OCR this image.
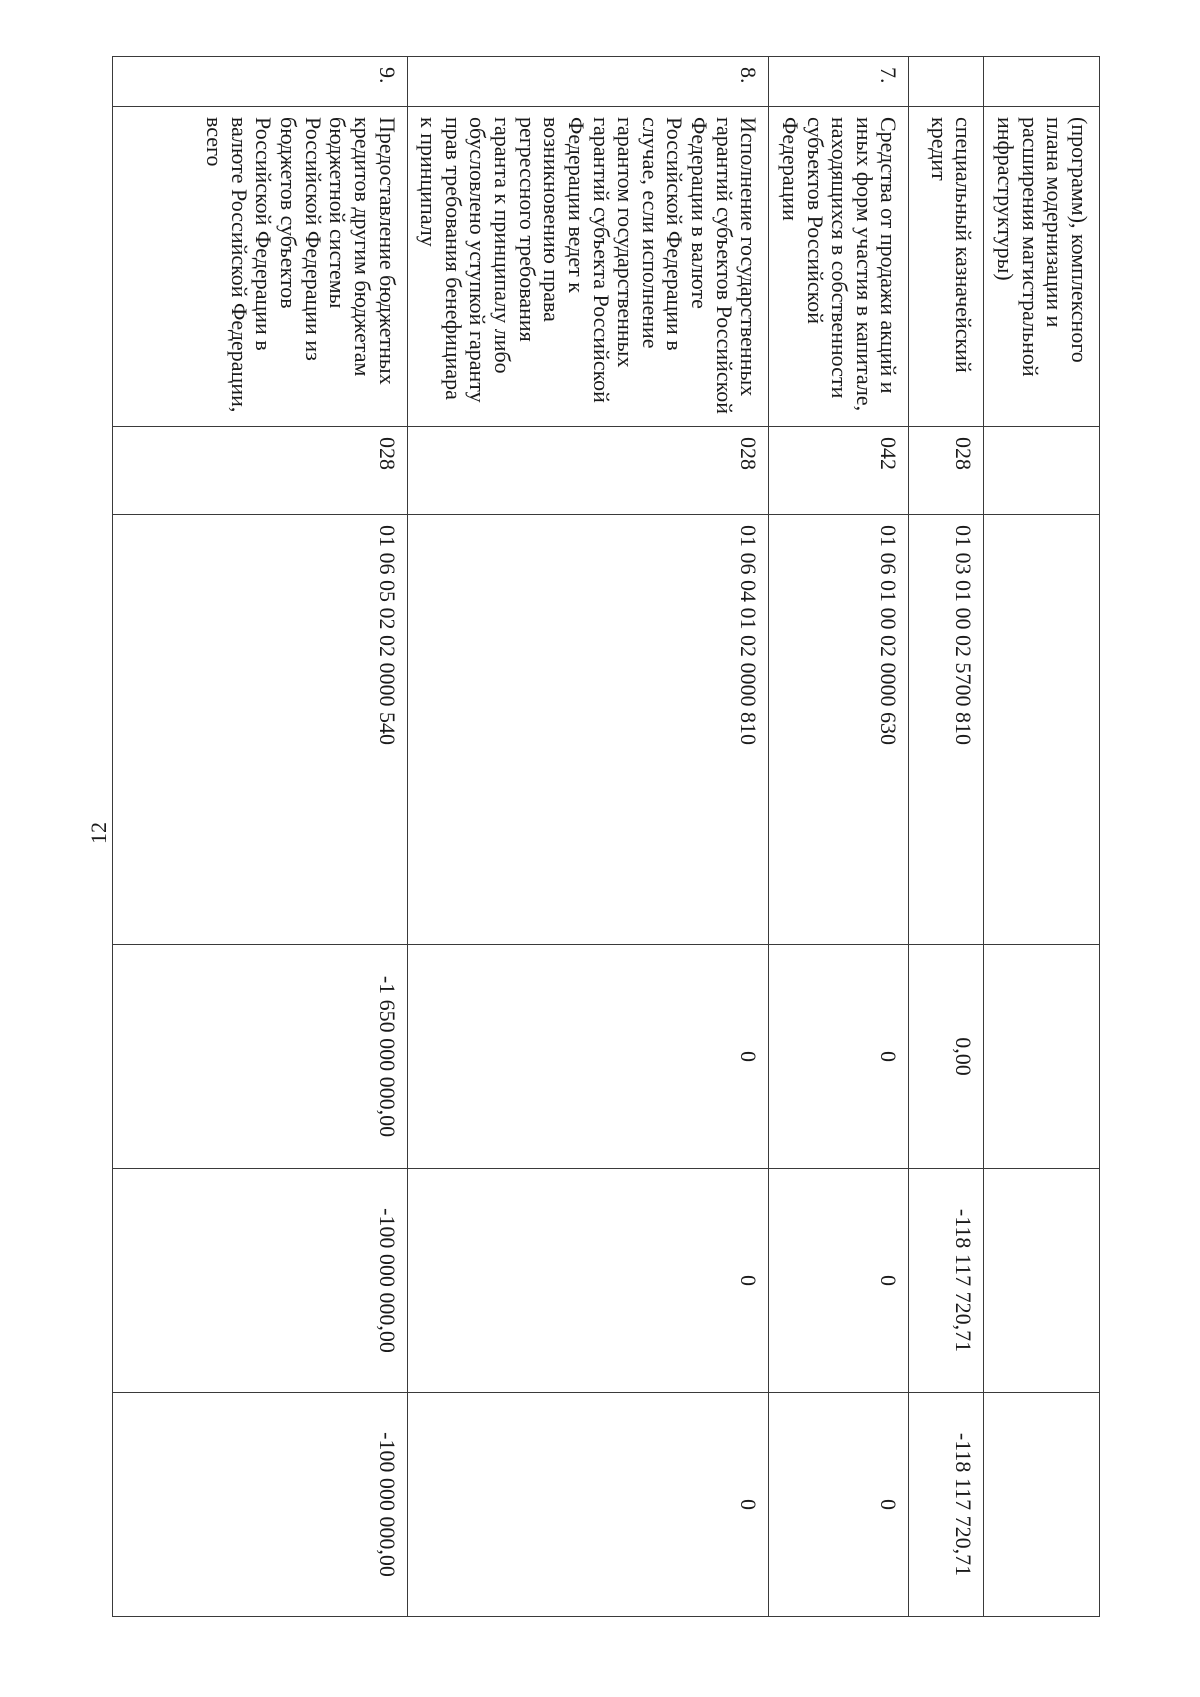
12
	(программ), комплексного плана модернизации и расширения магистральной инфраструктуры)					
	специальный казначейский кредит	028	01 03 01 00 02 5700 810	0,00	-118 117 720,71	-118 117 720,71
7.	Средства от продажи акций и иных форм участия в капитале, находящихся в собственности субъектов Российской Федерации	042	01 06 01 00 02 0000 630	0	0	0
8.	Исполнение государственных гарантий субъектов Российской Федерации в валюте Российской Федерации в случае, если исполнение гарантом государственных гарантий субъекта Российской Федерации ведет к возникновению права регрессного требования гаранта к принципалу либо обусловлено уступкой гаранту прав требования бенефициара к принципалу	028	01 06 04 01 02 0000 810	0	0	0
9.	Предоставление бюджетных кредитов другим бюджетам бюджетной системы Российской Федерации из бюджетов субъектов Российской Федерации в валюте Российской Федерации, всего	028	01 06 05 02 02 0000 540	-1 650 000 000,00	-100 000 000,00	-100 000 000,00
